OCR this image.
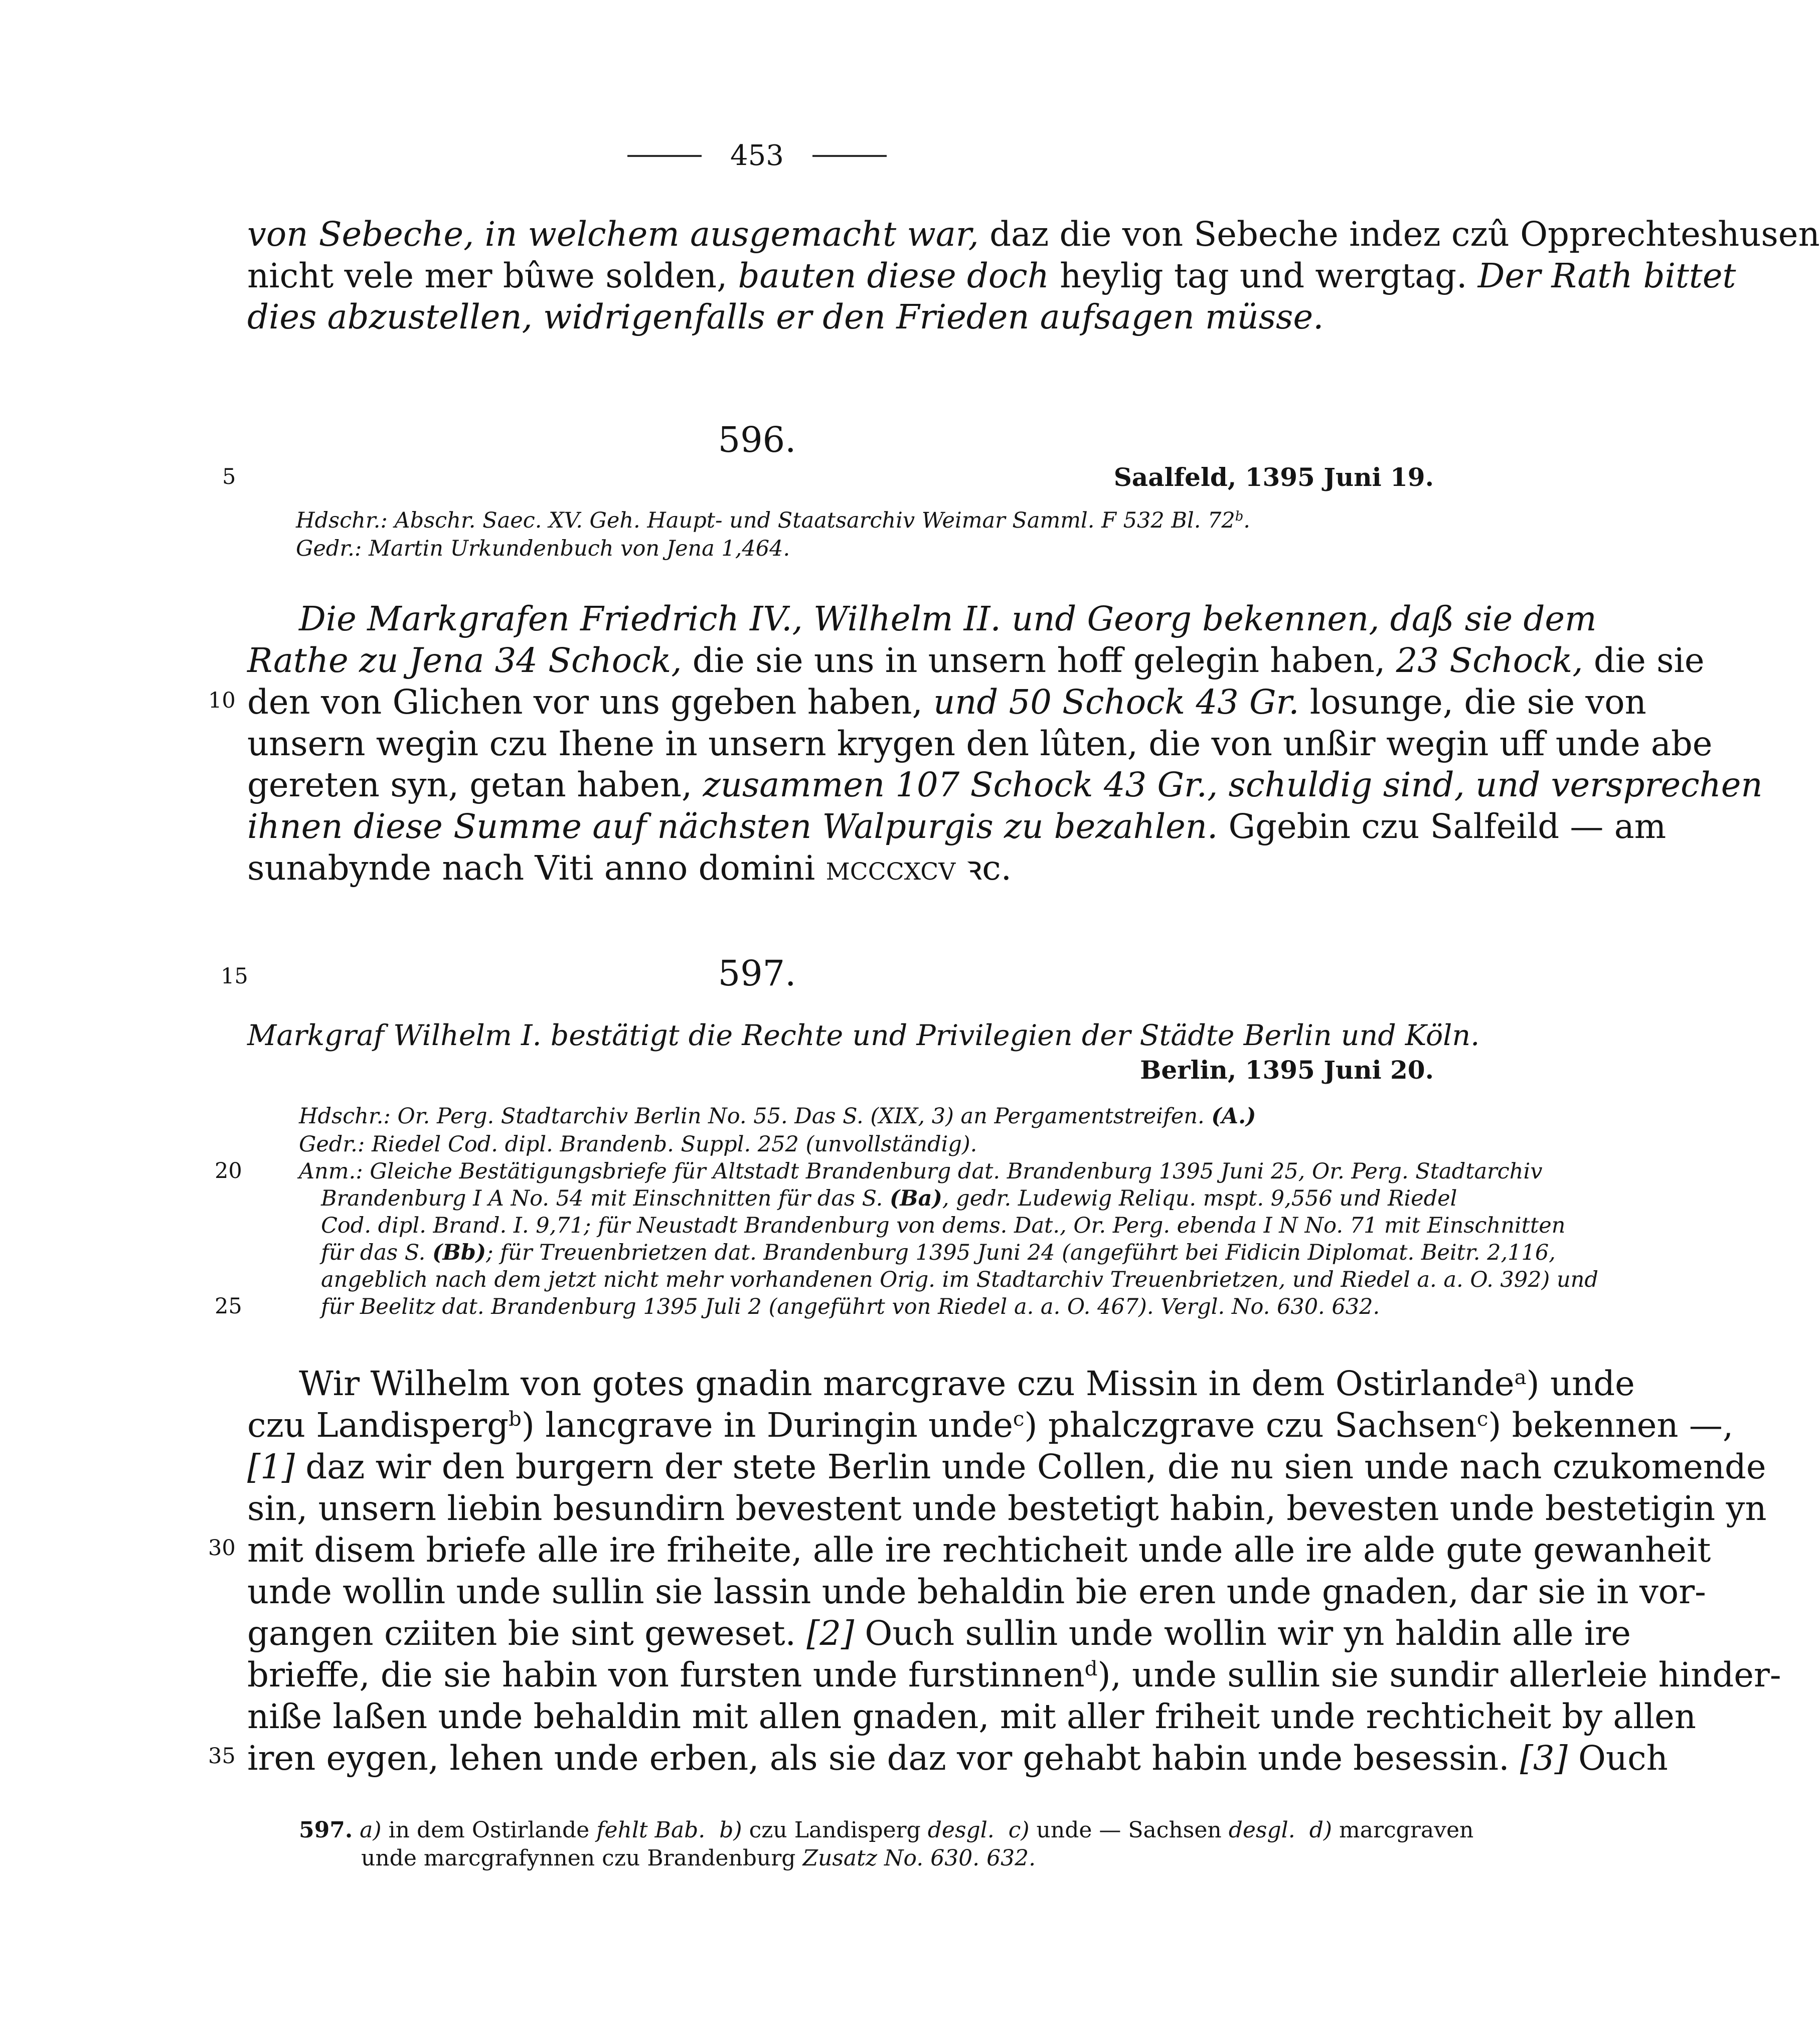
453
von Sebeche, in welchem ausgemacht war, daz die von Sebeche indez czû Opprechteshusen
nicht vele mer bûwe solden, bauten diese doch heylig tag und wergtag. Der Rath bittet
dies abzustellen, widrigenfalls er den Frieden aufsagen müsse.
596.
5	Saalfeld, 1395 Juni 19.
Hdschr.: Abschr. Saec. XV. Geh. Haupt- und Staatsarchiv Weimar Samml. F 532 Bl. 72$^b$.
Gedr.: Martin Urkundenbuch von Jena 1,464.
Die Markgrafen Friedrich IV., Wilhelm II. und Georg bekennen, daß sie dem
Rathe zu Jena 34 Schock, die sie uns in unsern hoff gelegin haben, 23 Schock, die sie
10 den von Glichen vor uns ggeben haben, und 50 Schock 43 Gr. losunge, die sie von
unsern wegin czu Ihene in unsern krygen den lûten, die von unßir wegin uff unde abe
gereten syn, getan haben, zusammen 107 Schock 43 Gr., schuldig sind, und versprechen
ihnen diese Summe auf nächsten Walpurgis zu bezahlen. Ggebin czu Salfeild — am
sunabynde nach Viti anno domini mcccxcv ꝛc.
15	597.
Markgraf Wilhelm I. bestätigt die Rechte und Privilegien der Städte Berlin und Köln.
Berlin, 1395 Juni 20.
Hdschr.: Or. Perg. Stadtarchiv Berlin No. 55. Das S. (XIX, 3) an Pergamentstreifen. (A.)
Gedr.: Riedel Cod. dipl. Brandenb. Suppl. 252 (unvollständig).
20	Anm.: Gleiche Bestätigungsbriefe für Altstadt Brandenburg dat. Brandenburg 1395 Juni 25, Or. Perg. Stadtarchiv
Brandenburg I A No. 54 mit Einschnitten für das S. (Ba), gedr. Ludewig Reliqu. mspt. 9,556 und Riedel
Cod. dipl. Brand. I. 9,71; für Neustadt Brandenburg von dems. Dat., Or. Perg. ebenda I N No. 71 mit Einschnitten
für das S. (Bb); für Treuenbrietzen dat. Brandenburg 1395 Juni 24 (angeführt bei Fidicin Diplomat. Beitr. 2,116,
angeblich nach dem jetzt nicht mehr vorhandenen Orig. im Stadtarchiv Treuenbrietzen, und Riedel a. a. O. 392) und
25	für Beelitz dat. Brandenburg 1395 Juli 2 (angeführt von Riedel a. a. O. 467). Vergl. No. 630. 632.
Wir Wilhelm von gotes gnadin marcgrave czu Missin in dem Ostirlande$^a$) unde
czu Landisperg$^b$) lancgrave in Duringin unde$^c$) phalczgrave czu Sachsen$^c$) bekennen —,
[1] daz wir den burgern der stete Berlin unde Collen, die nu sien unde nach czukomende
sin, unsern liebin besundirn bevestent unde bestetigt habin, bevesten unde bestetigin yn
30 mit disem briefe alle ire friheite, alle ire rechticheit unde alle ire alde gute gewanheit
unde wollin unde sullin sie lassin unde behaldin bie eren unde gnaden, dar sie in vor-
gangen cziiten bie sint geweset. [2] Ouch sullin unde wollin wir yn haldin alle ire
brieffe, die sie habin von fursten unde furstinnen$^d$), unde sullin sie sundir allerleie hinder-
niße laßen unde behaldin mit allen gnaden, mit aller friheit unde rechticheit by allen
35 iren eygen, lehen unde erben, als sie daz vor gehabt habin unde besessin. [3] Ouch
597. a) in dem Ostirlande fehlt Bab. b) czu Landisperg desgl. c) unde — Sachsen desgl. d) marcgraven
unde marcgrafynnen czu Brandenburg Zusatz No. 630. 632.
